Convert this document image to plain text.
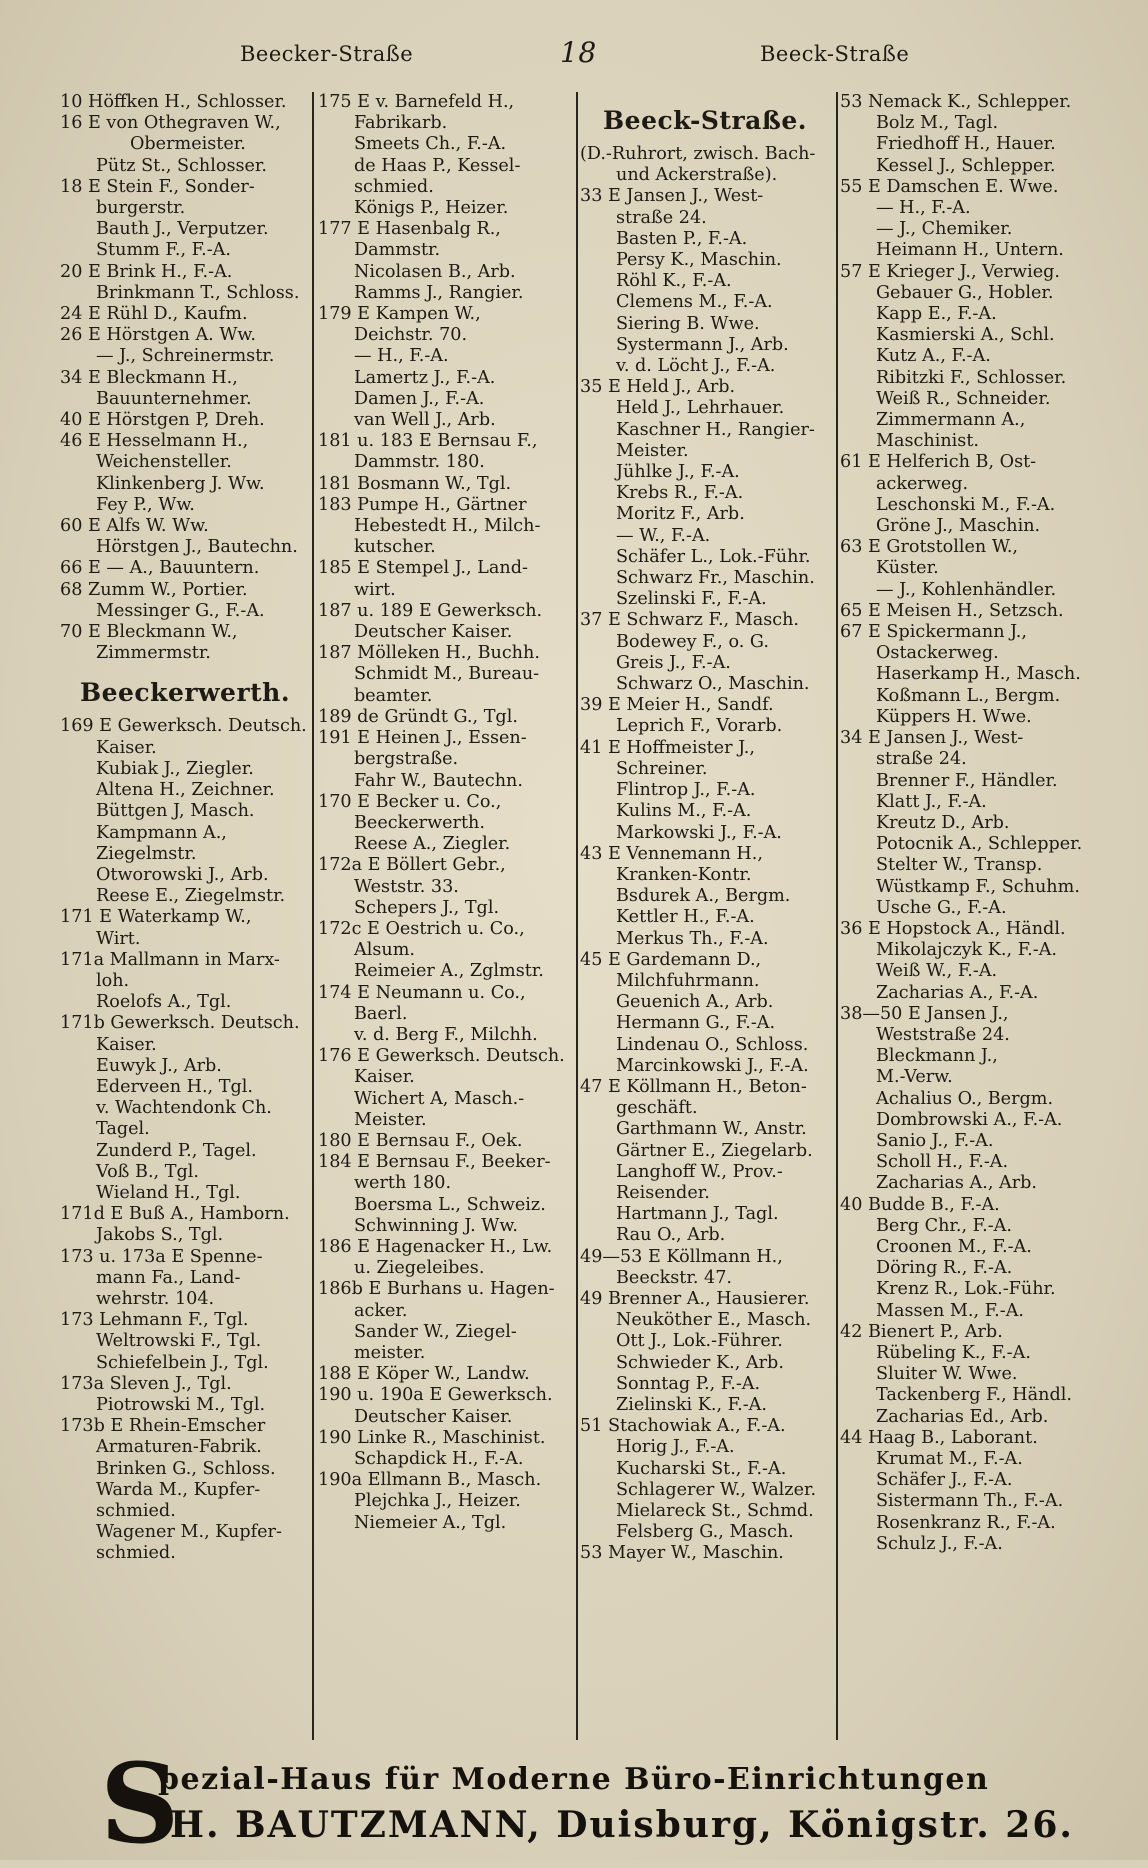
Beecker-Straße	18	Beeck-Straße
10 Höffken H., Schlosser.
16 E von Othegraven W.,
Obermeister.
Pütz St., Schlosser.
18 E Stein F., Sonder-
burgerstr.
Bauth J., Verputzer.
Stumm F., F.-A.
20 E Brink H., F.-A.
Brinkmann T., Schloss.
24 E Rühl D., Kaufm.
26 E Hörstgen A. Ww.
— J., Schreinermstr.
34 E Bleckmann H.,
Bauunternehmer.
40 E Hörstgen P, Dreh.
46 E Hesselmann H.,
Weichensteller.
Klinkenberg J. Ww.
Fey P., Ww.
60 E Alfs W. Ww.
Hörstgen J., Bautechn.
66 E — A., Bauuntern.
68 Zumm W., Portier.
Messinger G., F.-A.
70 E Bleckmann W.,
Zimmermstr.
Beeckerwerth.
169 E Gewerksch. Deutsch.
Kaiser.
Kubiak J., Ziegler.
Altena H., Zeichner.
Büttgen J, Masch.
Kampmann A.,
Ziegelmstr.
Otworowski J., Arb.
Reese E., Ziegelmstr.
171 E Waterkamp W.,
Wirt.
171a Mallmann in Marx-
loh.
Roelofs A., Tgl.
171b Gewerksch. Deutsch.
Kaiser.
Euwyk J., Arb.
Ederveen H., Tgl.
v. Wachtendonk Ch.
Tagel.
Zunderd P., Tagel.
Voß B., Tgl.
Wieland H., Tgl.
171d E Buß A., Hamborn.
Jakobs S., Tgl.
173 u. 173a E Spenne-
mann Fa., Land-
wehrstr. 104.
173 Lehmann F., Tgl.
Weltrowski F., Tgl.
Schiefelbein J., Tgl.
173a Sleven J., Tgl.
Piotrowski M., Tgl.
173b E Rhein-Emscher
Armaturen-Fabrik.
Brinken G., Schloss.
Warda M., Kupfer-
schmied.
Wagener M., Kupfer-
schmied.
175 E v. Barnefeld H.,
Fabrikarb.
Smeets Ch., F.-A.
de Haas P., Kessel-
schmied.
Königs P., Heizer.
177 E Hasenbalg R.,
Dammstr.
Nicolasen B., Arb.
Ramms J., Rangier.
179 E Kampen W.,
Deichstr. 70.
— H., F.-A.
Lamertz J., F.-A.
Damen J., F.-A.
van Well J., Arb.
181 u. 183 E Bernsau F.,
Dammstr. 180.
181 Bosmann W., Tgl.
183 Pumpe H., Gärtner
Hebestedt H., Milch-
kutscher.
185 E Stempel J., Land-
wirt.
187 u. 189 E Gewerksch.
Deutscher Kaiser.
187 Mölleken H., Buchh.
Schmidt M., Bureau-
beamter.
189 de Gründt G., Tgl.
191 E Heinen J., Essen-
bergstraße.
Fahr W., Bautechn.
170 E Becker u. Co.,
Beeckerwerth.
Reese A., Ziegler.
172a E Böllert Gebr.,
Weststr. 33.
Schepers J., Tgl.
172c E Oestrich u. Co.,
Alsum.
Reimeier A., Zglmstr.
174 E Neumann u. Co.,
Baerl.
v. d. Berg F., Milchh.
176 E Gewerksch. Deutsch.
Kaiser.
Wichert A, Masch.-
Meister.
180 E Bernsau F., Oek.
184 E Bernsau F., Beeker-
werth 180.
Boersma L., Schweiz.
Schwinning J. Ww.
186 E Hagenacker H., Lw.
u. Ziegeleibes.
186b E Burhans u. Hagen-
acker.
Sander W., Ziegel-
meister.
188 E Köper W., Landw.
190 u. 190a E Gewerksch.
Deutscher Kaiser.
190 Linke R., Maschinist.
Schapdick H., F.-A.
190a Ellmann B., Masch.
Plejchka J., Heizer.
Niemeier A., Tgl.
Beeck-Straße.
(D.-Ruhrort, zwisch. Bach-
und Ackerstraße).
33 E Jansen J., West-
straße 24.
Basten P., F.-A.
Persy K., Maschin.
Röhl K., F.-A.
Clemens M., F.-A.
Siering B. Wwe.
Systermann J., Arb.
v. d. Löcht J., F.-A.
35 E Held J., Arb.
Held J., Lehrhauer.
Kaschner H., Rangier-
Meister.
Jühlke J., F.-A.
Krebs R., F.-A.
Moritz F., Arb.
— W., F.-A.
Schäfer L., Lok.-Führ.
Schwarz Fr., Maschin.
Szelinski F., F.-A.
37 E Schwarz F., Masch.
Bodewey F., o. G.
Greis J., F.-A.
Schwarz O., Maschin.
39 E Meier H., Sandf.
Leprich F., Vorarb.
41 E Hoffmeister J.,
Schreiner.
Flintrop J., F.-A.
Kulins M., F.-A.
Markowski J., F.-A.
43 E Vennemann H.,
Kranken-Kontr.
Bsdurek A., Bergm.
Kettler H., F.-A.
Merkus Th., F.-A.
45 E Gardemann D.,
Milchfuhrmann.
Geuenich A., Arb.
Hermann G., F.-A.
Lindenau O., Schloss.
Marcinkowski J., F.-A.
47 E Köllmann H., Beton-
geschäft.
Garthmann W., Anstr.
Gärtner E., Ziegelarb.
Langhoff W., Prov.-
Reisender.
Hartmann J., Tagl.
Rau O., Arb.
49—53 E Köllmann H.,
Beeckstr. 47.
49 Brenner A., Hausierer.
Neuköther E., Masch.
Ott J., Lok.-Führer.
Schwieder K., Arb.
Sonntag P., F.-A.
Zielinski K., F.-A.
51 Stachowiak A., F.-A.
Horig J., F.-A.
Kucharski St., F.-A.
Schlagerer W., Walzer.
Mielareck St., Schmd.
Felsberg G., Masch.
53 Mayer W., Maschin.
53 Nemack K., Schlepper.
Bolz M., Tagl.
Friedhoff H., Hauer.
Kessel J., Schlepper.
55 E Damschen E. Wwe.
— H., F.-A.
— J., Chemiker.
Heimann H., Untern.
57 E Krieger J., Verwieg.
Gebauer G., Hobler.
Kapp E., F.-A.
Kasmierski A., Schl.
Kutz A., F.-A.
Ribitzki F., Schlosser.
Weiß R., Schneider.
Zimmermann A.,
Maschinist.
61 E Helferich B, Ost-
ackerweg.
Leschonski M., F.-A.
Gröne J., Maschin.
63 E Grotstollen W.,
Küster.
— J., Kohlenhändler.
65 E Meisen H., Setzsch.
67 E Spickermann J.,
Ostackerweg.
Haserkamp H., Masch.
Koßmann L., Bergm.
Küppers H. Wwe.
34 E Jansen J., West-
straße 24.
Brenner F., Händler.
Klatt J., F.-A.
Kreutz D., Arb.
Potocnik A., Schlepper.
Stelter W., Transp.
Wüstkamp F., Schuhm.
Usche G., F.-A.
36 E Hopstock A., Händl.
Mikolajczyk K., F.-A.
Weiß W., F.-A.
Zacharias A., F.-A.
38—50 E Jansen J.,
Weststraße 24.
Bleckmann J.,
M.-Verw.
Achalius O., Bergm.
Dombrowski A., F.-A.
Sanio J., F.-A.
Scholl H., F.-A.
Zacharias A., Arb.
40 Budde B., F.-A.
Berg Chr., F.-A.
Croonen M., F.-A.
Döring R., F.-A.
Krenz R., Lok.-Führ.
Massen M., F.-A.
42 Bienert P., Arb.
Rübeling K., F.-A.
Sluiter W. Wwe.
Tackenberg F., Händl.
Zacharias Ed., Arb.
44 Haag B., Laborant.
Krumat M., F.-A.
Schäfer J., F.-A.
Sistermann Th., F.-A.
Rosenkranz R., F.-A.
Schulz J., F.-A.
S
pezial-Haus für Moderne Büro-Einrichtungen
H. BAUTZMANN, Duisburg, Königstr. 26.
